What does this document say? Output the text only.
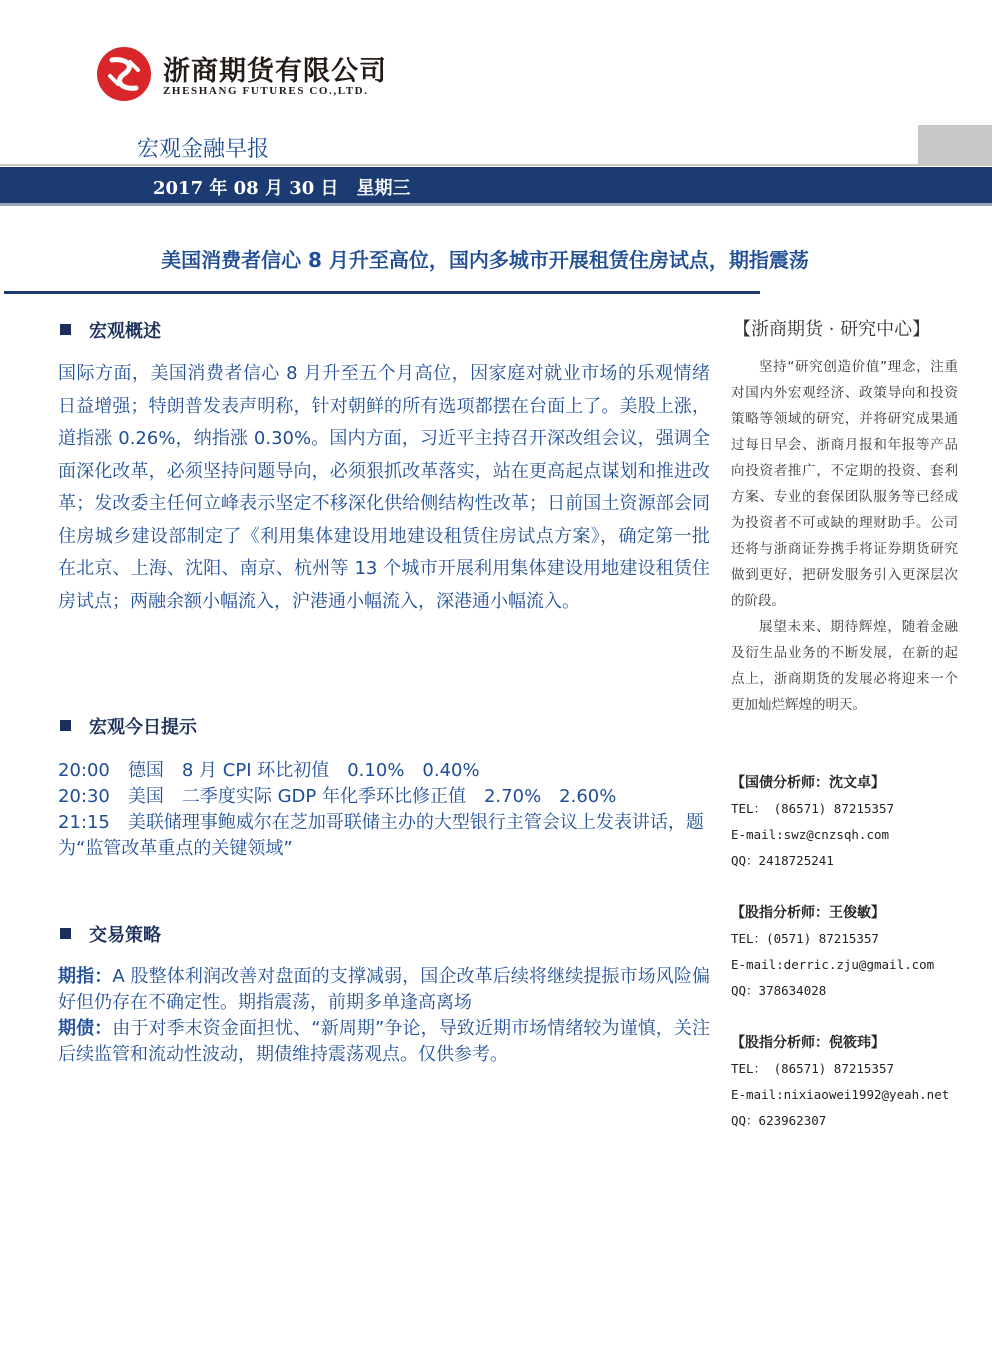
浙商期货有限公司
ZHESHANG FUTURES CO.,LTD.
宏观金融早报
2017 年 08 月 30 日 星期三
美国消费者信心 8 月升至高位，国内多城市开展租赁住房试点，期指震荡
宏观概述
国际方面，美国消费者信心 8 月升至五个月高位，因家庭对就业市场的乐观情绪日益增强；特朗普发表声明称，针对朝鲜的所有选项都摆在台面上了。美股上涨，道指涨 0.26%，纳指涨 0.30%。国内方面，习近平主持召开深改组会议，强调全面深化改革，必须坚持问题导向，必须狠抓改革落实，站在更高起点谋划和推进改革；发改委主任何立峰表示坚定不移深化供给侧结构性改革；日前国土资源部会同住房城乡建设部制定了《利用集体建设用地建设租赁住房试点方案》，确定第一批在北京、上海、沈阳、南京、杭州等 13 个城市开展利用集体建设用地建设租赁住房试点；两融余额小幅流入，沪港通小幅流入，深港通小幅流入。
宏观今日提示
20:00 德国 8 月 CPI 环比初值 0.10% 0.40%
20:30 美国 二季度实际 GDP 年化季环比修正值 2.70% 2.60%
21:15 美联储理事鲍威尔在芝加哥联储主办的大型银行主管会议上发表讲话，题为“监管改革重点的关键领域”
交易策略
期指：A 股整体利润改善对盘面的支撑减弱，国企改革后续将继续提振市场风险偏好但仍存在不确定性。期指震荡，前期多单逢高离场
期债：由于对季末资金面担忧、“新周期”争论，导致近期市场情绪较为谨慎，关注后续监管和流动性波动，期债维持震荡观点。仅供参考。
【浙商期货 · 研究中心】

坚持“研究创造价值”理念，注重对国内外宏观经济、政策导向和投资策略等领域的研究，并将研究成果通过每日早会、浙商月报和年报等产品向投资者推广，不定期的投资、套利方案、专业的套保团队服务等已经成为投资者不可或缺的理财助手。公司还将与浙商证券携手将证券期货研究做到更好，把研发服务引入更深层次的阶段。

展望未来、期待辉煌，随着金融及衍生品业务的不断发展，在新的起点上，浙商期货的发展必将迎来一个更加灿烂辉煌的明天。

【国债分析师：沈文卓】
TEL： (86571) 87215357
E-mail:swz@cnzsqh.com
QQ：2418725241
【股指分析师：王俊敏】
TEL：(0571) 87215357
E-mail:derric.zju@gmail.com
QQ：378634028
【股指分析师：倪筱玮】
TEL： (86571) 87215357
E-mail:nixiaowei1992@yeah.net
QQ：623962307
